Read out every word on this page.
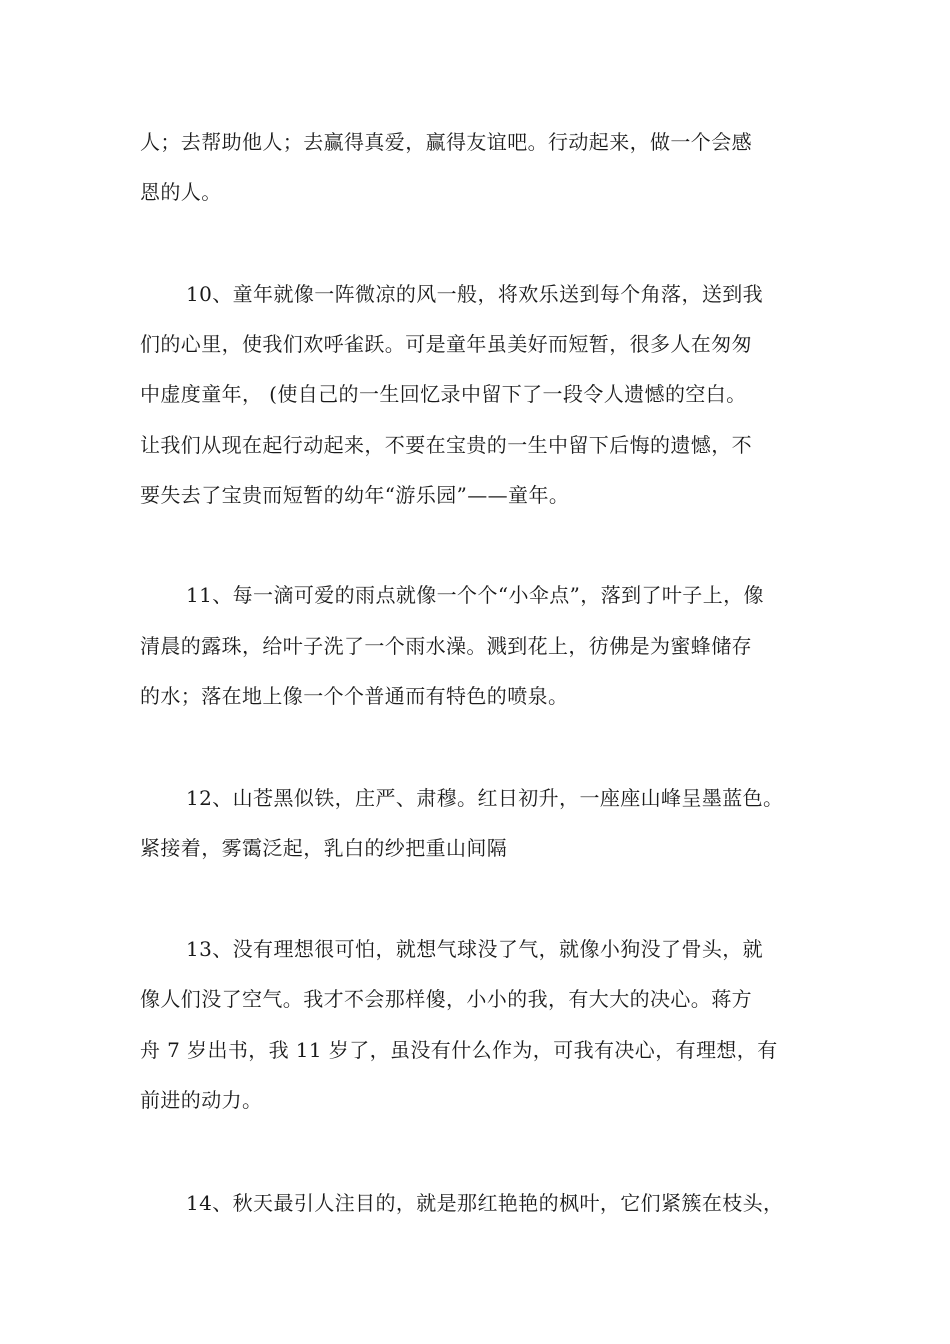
人；去帮助他人；去赢得真爱，赢得友谊吧。行动起来，做一个会感
恩的人。
10、童年就像一阵微凉的风一般，将欢乐送到每个角落，送到我
们的心里，使我们欢呼雀跃。可是童年虽美好而短暂，很多人在匆匆
中虚度童年， (使自己的一生回忆录中留下了一段令人遗憾的空白。
让我们从现在起行动起来，不要在宝贵的一生中留下后悔的遗憾，不
要失去了宝贵而短暂的幼年“游乐园”——童年。
11、每一滴可爱的雨点就像一个个“小伞点”，落到了叶子上，像
清晨的露珠，给叶子洗了一个雨水澡。溅到花上，彷佛是为蜜蜂储存
的水；落在地上像一个个普通而有特色的喷泉。
12、山苍黑似铁，庄严、肃穆。红日初升，一座座山峰呈墨蓝色。
紧接着，雾霭泛起，乳白的纱把重山间隔
13、没有理想很可怕，就想气球没了气，就像小狗没了骨头，就
像人们没了空气。我才不会那样傻，小小的我，有大大的决心。蒋方
舟 7 岁出书，我 11 岁了，虽没有什么作为，可我有决心，有理想，有
前进的动力。
14、秋天最引人注目的，就是那红艳艳的枫叶，它们紧簇在枝头，
